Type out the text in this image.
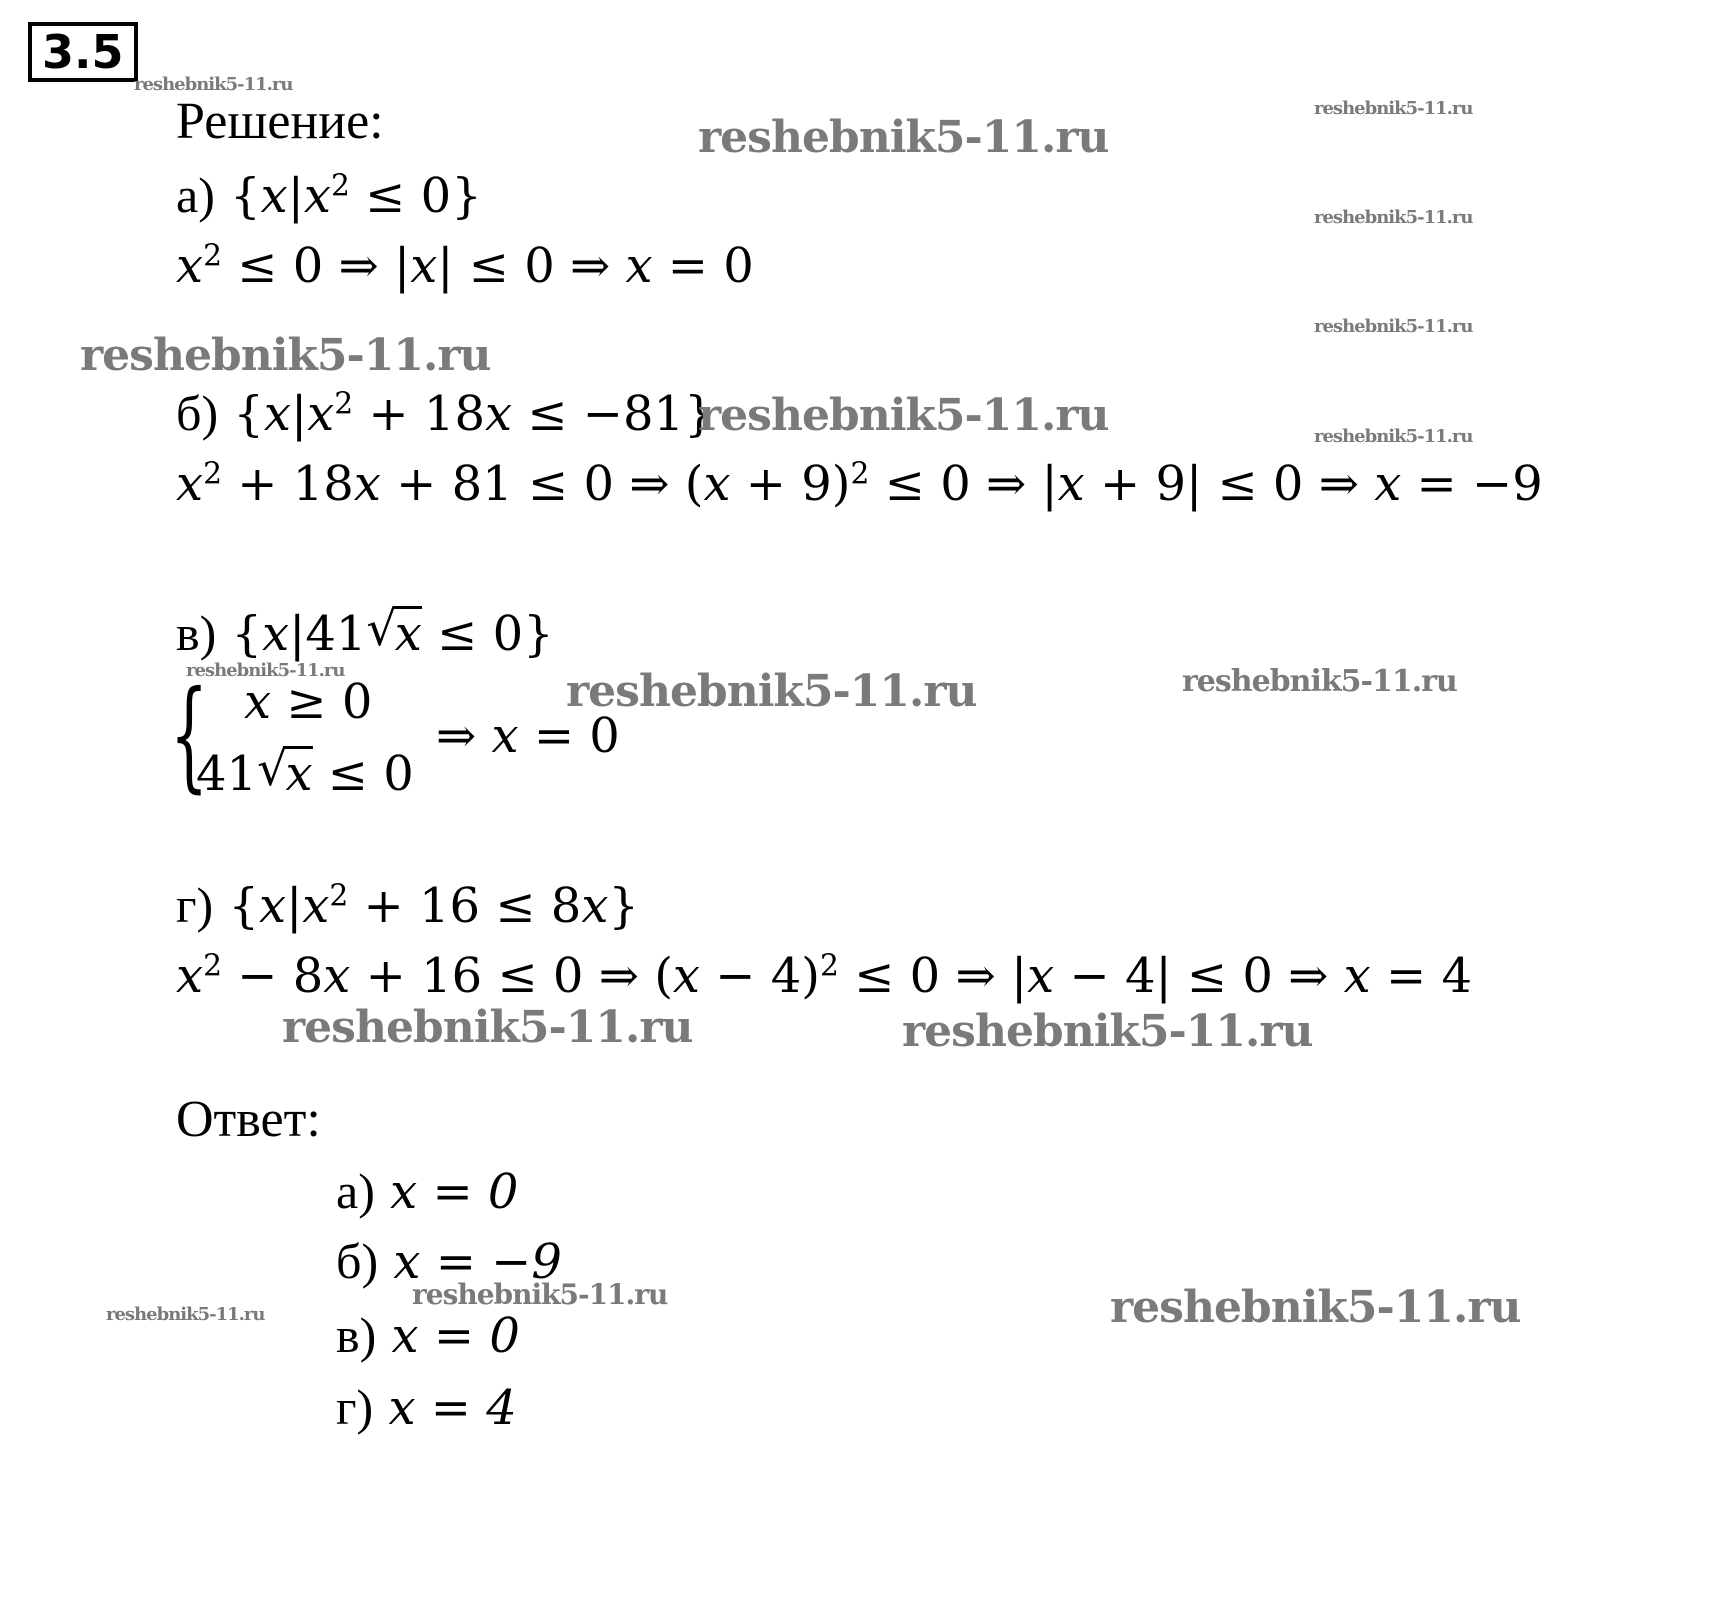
3.5
Решение:
а) $\{x|x^2 \le 0\}$
$x^2 \le 0$ ⇒ |x| ≤ 0 ⇒ x = 0
б) $\{x|x^2 + 18x \le -81\}$
$x^2 + 18x + 81 \le 0$ ⇒ $(x + 9)^2 \le 0$ ⇒ |x + 9| ≤ 0 ⇒ x = −9
в) {x|41 √ x ≤ 0}
{ x ≥ 0
41 √ x ≤ 0
⇒ x = 0
г) $\{x|x^2 + 16 \le 8x\}$
$x^2 - 8x + 16 \le 0$ ⇒ $(x - 4)^2 \le 0$ ⇒ |x − 4| ≤ 0 ⇒ x = 4
Ответ:
а) x = 0
б) x = −9
в) x = 0
г) x = 4
reshebnik5-11.ru
reshebnik5-11.ru
reshebnik5-11.ru
reshebnik5-11.ru
reshebnik5-11.ru
reshebnik5-11.ru
reshebnik5-11.ru	reshebnik5-11.ru
reshebnik5-11.ru	reshebnik5-11.ru	reshebnik5-11.ru
reshebnik5-11.ru	reshebnik5-11.ru
reshebnik5-11.ru
reshebnik5-11.ru	reshebnik5-11.ru
